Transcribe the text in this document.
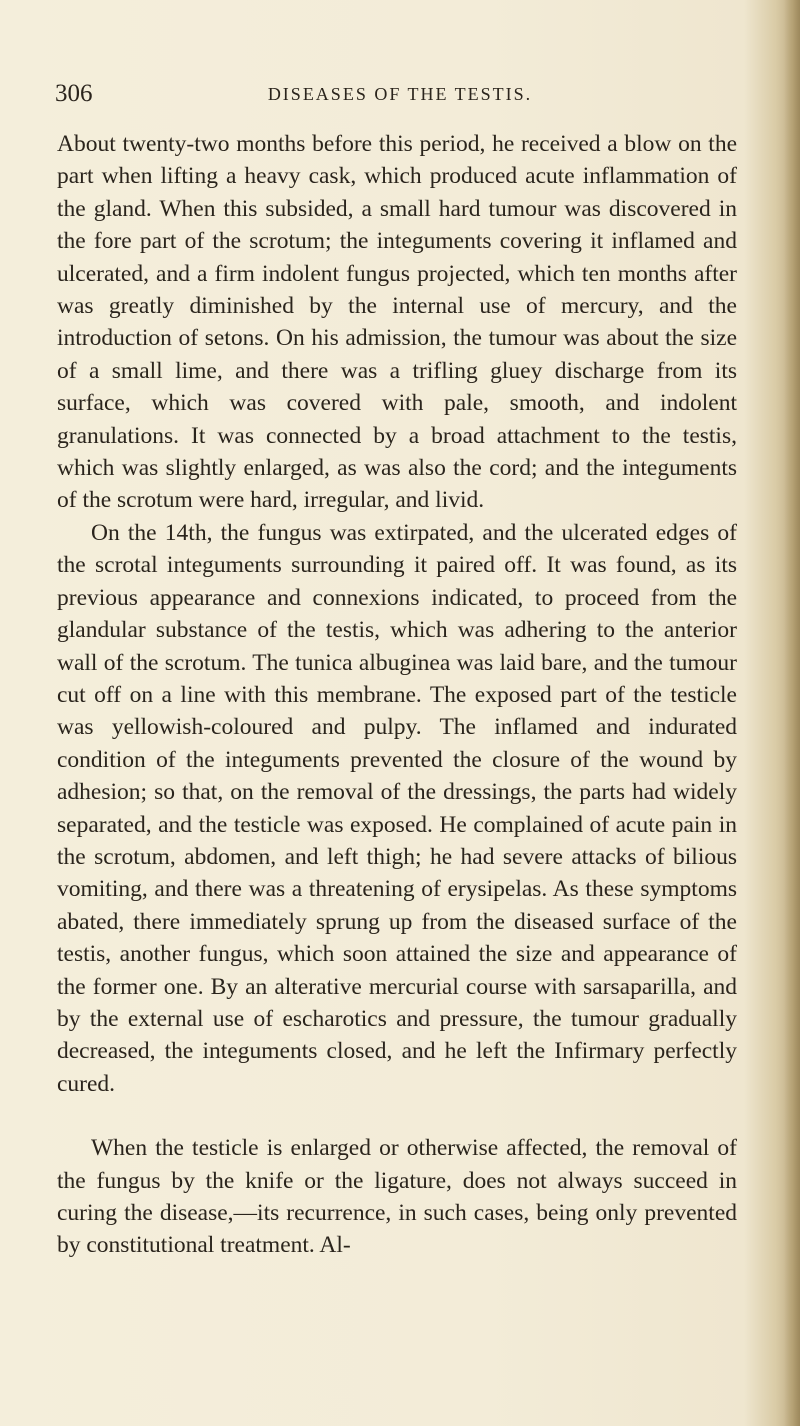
306	DISEASES OF THE TESTIS.

About twenty-two months before this period, he received a blow on the part when lifting a heavy cask, which produced acute inflammation of the gland. When this subsided, a small hard tumour was discovered in the fore part of the scrotum; the integuments covering it inflamed and ulcerated, and a firm indolent fungus projected, which ten months after was greatly diminished by the internal use of mercury, and the introduction of setons. On his admission, the tumour was about the size of a small lime, and there was a trifling gluey discharge from its surface, which was covered with pale, smooth, and indolent granulations. It was connected by a broad attachment to the testis, which was slightly enlarged, as was also the cord; and the integuments of the scrotum were hard, irregular, and livid.

On the 14th, the fungus was extirpated, and the ulcerated edges of the scrotal integuments surrounding it paired off. It was found, as its previous appearance and connexions indicated, to proceed from the glandular substance of the testis, which was adhering to the anterior wall of the scrotum. The tunica albuginea was laid bare, and the tumour cut off on a line with this membrane. The exposed part of the testicle was yellowish-coloured and pulpy. The inflamed and indurated condition of the integuments prevented the closure of the wound by adhesion; so that, on the removal of the dressings, the parts had widely separated, and the testicle was exposed. He complained of acute pain in the scrotum, abdomen, and left thigh; he had severe attacks of bilious vomiting, and there was a threatening of erysipelas. As these symptoms abated, there immediately sprung up from the diseased surface of the testis, another fungus, which soon attained the size and appearance of the former one. By an alterative mercurial course with sarsaparilla, and by the external use of escharotics and pressure, the tumour gradually decreased, the integuments closed, and he left the Infirmary perfectly cured.

When the testicle is enlarged or otherwise affected, the removal of the fungus by the knife or the ligature, does not always succeed in curing the disease,—its recurrence, in such cases, being only prevented by constitutional treatment. Al-
